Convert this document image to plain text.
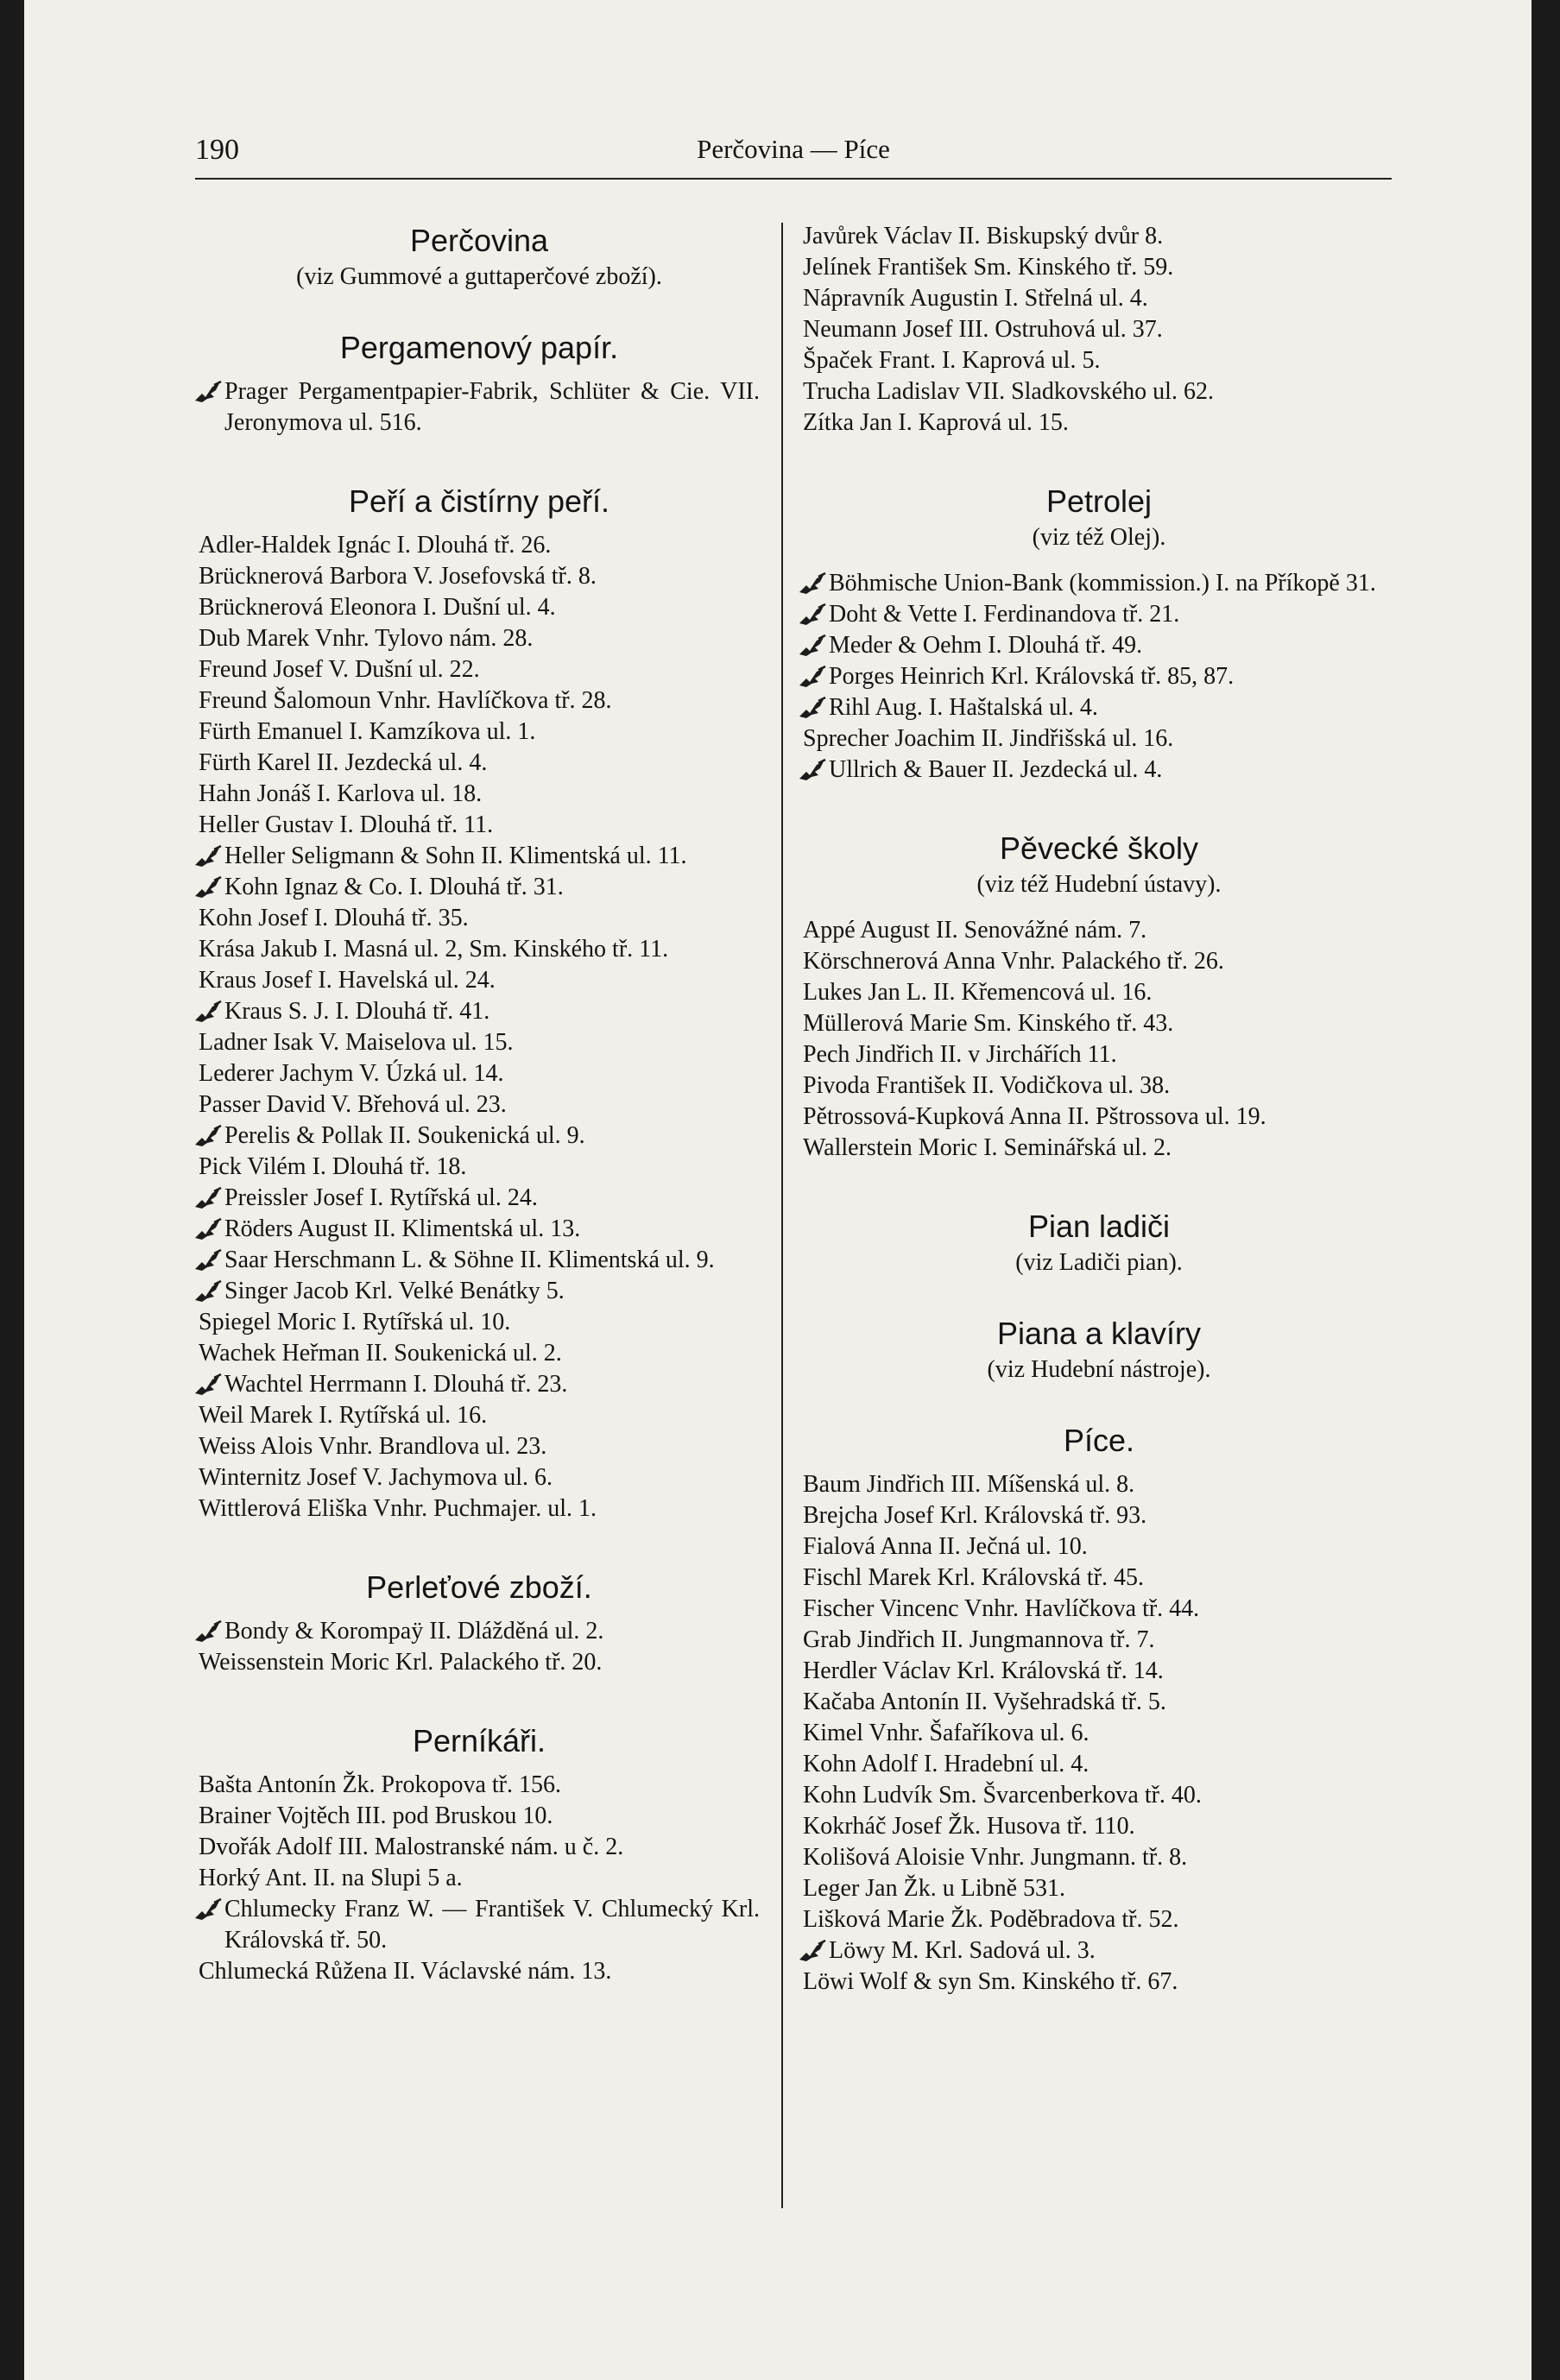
190	Perčovina — Píce
Perčovina
(viz Gummové a guttaperčové zboží).
Pergamenový papír.
Prager Pergamentpapier-Fabrik, Schlüter & Cie. VII. Jeronymova ul. 516.
Peří a čistírny peří.
Adler-Haldek Ignác I. Dlouhá tř. 26.
Brücknerová Barbora V. Josefovská tř. 8.
Brücknerová Eleonora I. Dušní ul. 4.
Dub Marek Vnhr. Tylovo nám. 28.
Freund Josef V. Dušní ul. 22.
Freund Šalomoun Vnhr. Havlíčkova tř. 28.
Fürth Emanuel I. Kamzíkova ul. 1.
Fürth Karel II. Jezdecká ul. 4.
Hahn Jonáš I. Karlova ul. 18.
Heller Gustav I. Dlouhá tř. 11.
Heller Seligmann & Sohn II. Klimentská ul. 11.
Kohn Ignaz & Co. I. Dlouhá tř. 31.
Kohn Josef I. Dlouhá tř. 35.
Krása Jakub I. Masná ul. 2, Sm. Kinského tř. 11.
Kraus Josef I. Havelská ul. 24.
Kraus S. J. I. Dlouhá tř. 41.
Ladner Isak V. Maiselova ul. 15.
Lederer Jachym V. Úzká ul. 14.
Passer David V. Břehová ul. 23.
Perelis & Pollak II. Soukenická ul. 9.
Pick Vilém I. Dlouhá tř. 18.
Preissler Josef I. Rytířská ul. 24.
Röders August II. Klimentská ul. 13.
Saar Herschmann L. & Söhne II. Klimentská ul. 9.
Singer Jacob Krl. Velké Benátky 5.
Spiegel Moric I. Rytířská ul. 10.
Wachek Heřman II. Soukenická ul. 2.
Wachtel Herrmann I. Dlouhá tř. 23.
Weil Marek I. Rytířská ul. 16.
Weiss Alois Vnhr. Brandlova ul. 23.
Winternitz Josef V. Jachymova ul. 6.
Wittlerová Eliška Vnhr. Puchmajer. ul. 1.
Perleťové zboží.
Bondy & Korompaÿ II. Dlážděná ul. 2.
Weissenstein Moric Krl. Palackého tř. 20.
Perníkáři.
Bašta Antonín Žk. Prokopova tř. 156.
Brainer Vojtěch III. pod Bruskou 10.
Dvořák Adolf III. Malostranské nám. u č. 2.
Horký Ant. II. na Slupi 5 a.
Chlumecky Franz W. — František V. Chlumecký Krl. Královská tř. 50.
Chlumecká Růžena II. Václavské nám. 13.
Javůrek Václav II. Biskupský dvůr 8.
Jelínek František Sm. Kinského tř. 59.
Nápravník Augustin I. Střelná ul. 4.
Neumann Josef III. Ostruhová ul. 37.
Špaček Frant. I. Kaprová ul. 5.
Trucha Ladislav VII. Sladkovského ul. 62.
Zítka Jan I. Kaprová ul. 15.
Petrolej
(viz též Olej).
Böhmische Union-Bank (kommission.) I. na Příkopě 31.
Doht & Vette I. Ferdinandova tř. 21.
Meder & Oehm I. Dlouhá tř. 49.
Porges Heinrich Krl. Královská tř. 85, 87.
Rihl Aug. I. Haštalská ul. 4.
Sprecher Joachim II. Jindřišská ul. 16.
Ullrich & Bauer II. Jezdecká ul. 4.
Pěvecké školy
(viz též Hudební ústavy).
Appé August II. Senovážné nám. 7.
Körschnerová Anna Vnhr. Palackého tř. 26.
Lukes Jan L. II. Křemencová ul. 16.
Müllerová Marie Sm. Kinského tř. 43.
Pech Jindřich II. v Jirchářích 11.
Pivoda František II. Vodičkova ul. 38.
Pětrossová-Kupková Anna II. Pštrossova ul. 19.
Wallerstein Moric I. Seminářská ul. 2.
Pian ladiči
(viz Ladiči pian).
Piana a klavíry
(viz Hudební nástroje).
Píce.
Baum Jindřich III. Míšenská ul. 8.
Brejcha Josef Krl. Královská tř. 93.
Fialová Anna II. Ječná ul. 10.
Fischl Marek Krl. Královská tř. 45.
Fischer Vincenc Vnhr. Havlíčkova tř. 44.
Grab Jindřich II. Jungmannova tř. 7.
Herdler Václav Krl. Královská tř. 14.
Kačaba Antonín II. Vyšehradská tř. 5.
Kimel Vnhr. Šafaříkova ul. 6.
Kohn Adolf I. Hradební ul. 4.
Kohn Ludvík Sm. Švarcenberkova tř. 40.
Kokrháč Josef Žk. Husova tř. 110.
Kolišová Aloisie Vnhr. Jungmann. tř. 8.
Leger Jan Žk. u Libně 531.
Lišková Marie Žk. Poděbradova tř. 52.
Löwy M. Krl. Sadová ul. 3.
Löwi Wolf & syn Sm. Kinského tř. 67.
